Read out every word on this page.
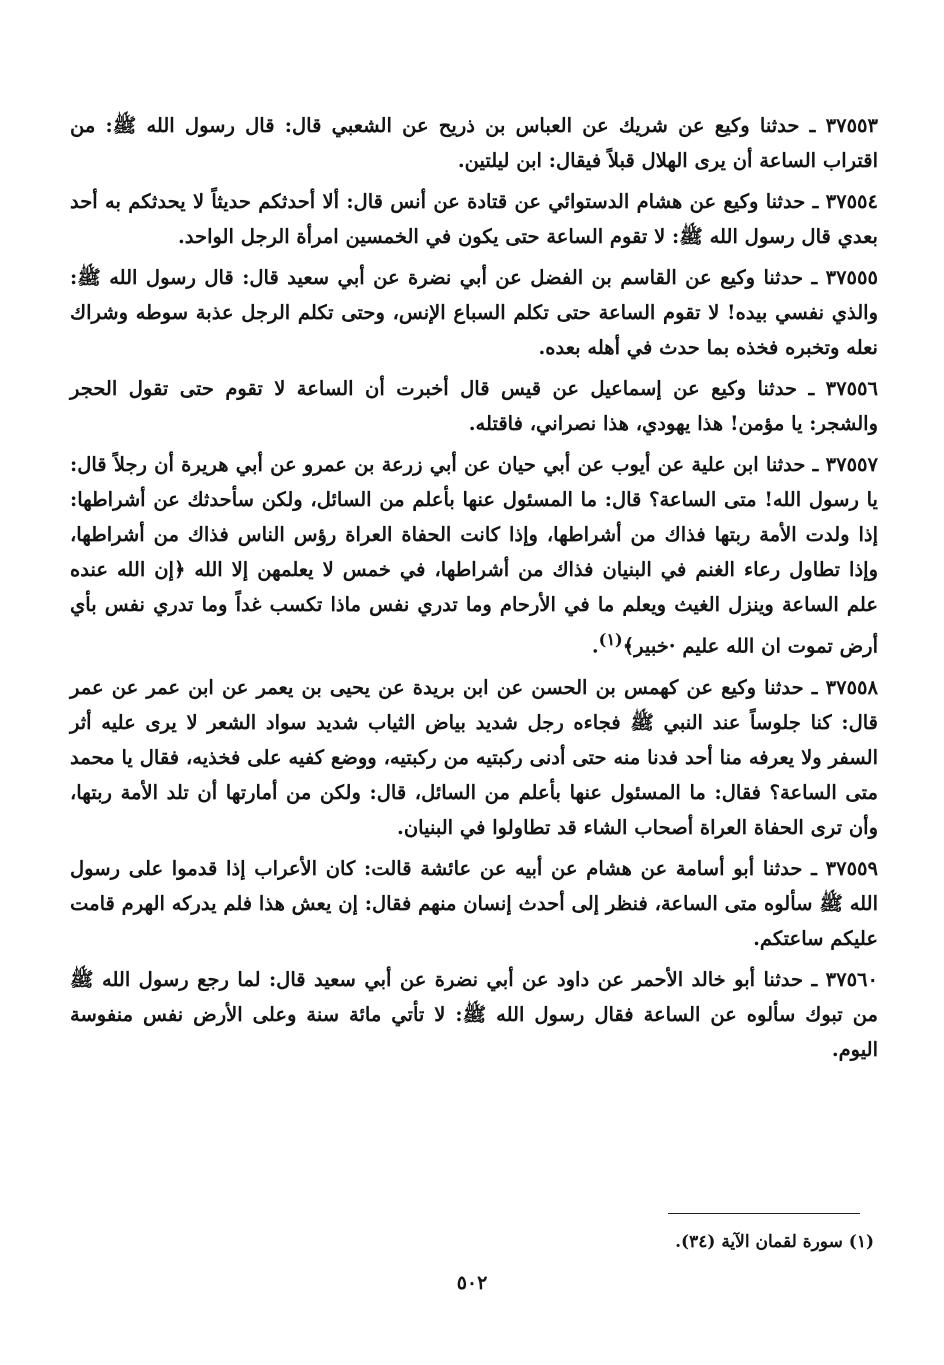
٣٧٥٥٣ ـ حدثنا وكيع عن شريك عن العباس بن ذريح عن الشعبي قال: قال رسول الله ﷺ: من اقتراب الساعة أن يرى الهلال قبلاً فيقال: ابن ليلتين.

٣٧٥٥٤ ـ حدثنا وكيع عن هشام الدستوائي عن قتادة عن أنس قال: ألا أحدثكم حديثاً لا يحدثكم به أحد بعدي قال رسول الله ﷺ: لا تقوم الساعة حتى يكون في الخمسين امرأة الرجل الواحد.

٣٧٥٥٥ ـ حدثنا وكيع عن القاسم بن الفضل عن أبي نضرة عن أبي سعيد قال: قال رسول الله ﷺ: والذي نفسي بيده! لا تقوم الساعة حتى تكلم السباع الإنس، وحتى تكلم الرجل عذبة سوطه وشراك نعله وتخبره فخذه بما حدث في أهله بعده.

٣٧٥٥٦ ـ حدثنا وكيع عن إسماعيل عن قيس قال أخبرت أن الساعة لا تقوم حتى تقول الحجر والشجر: يا مؤمن! هذا يهودي، هذا نصراني، فاقتله.

٣٧٥٥٧ ـ حدثنا ابن علية عن أيوب عن أبي حيان عن أبي زرعة بن عمرو عن أبي هريرة أن رجلاً قال: يا رسول الله! متى الساعة؟ قال: ما المسئول عنها بأعلم من السائل، ولكن سأحدثك عن أشراطها: إذا ولدت الأمة ربتها فذاك من أشراطها، وإذا كانت الحفاة العراة رؤس الناس فذاك من أشراطها، وإذا تطاول رعاء الغنم في البنيان فذاك من أشراطها، في خمس لا يعلمهن إلا الله ﴿إن الله عنده علم الساعة وينزل الغيث ويعلم ما في الأرحام وما تدري نفس ماذا تكسب غداً وما تدري نفس بأي أرض تموت ان الله عليم ·خبير﴾$^{(١)}$.

٣٧٥٥٨ ـ حدثنا وكيع عن كهمس بن الحسن عن ابن بريدة عن يحيى بن يعمر عن ابن عمر عن عمر قال: كنا جلوساً عند النبي ﷺ فجاءه رجل شديد بياض الثياب شديد سواد الشعر لا يرى عليه أثر السفر ولا يعرفه منا أحد فدنا منه حتى أدنى ركبتيه من ركبتيه، ووضع كفيه على فخذيه، فقال يا محمد متى الساعة؟ فقال: ما المسئول عنها بأعلم من السائل، قال: ولكن من أمارتها أن تلد الأمة ربتها، وأن ترى الحفاة العراة أصحاب الشاء قد تطاولوا في البنيان.

٣٧٥٥٩ ـ حدثنا أبو أسامة عن هشام عن أبيه عن عائشة قالت: كان الأعراب إذا قدموا على رسول الله ﷺ سألوه متى الساعة، فنظر إلى أحدث إنسان منهم فقال: إن يعش هذا فلم يدركه الهرم قامت عليكم ساعتكم.

٣٧٥٦٠ ـ حدثنا أبو خالد الأحمر عن داود عن أبي نضرة عن أبي سعيد قال: لما رجع رسول الله ﷺ من تبوك سألوه عن الساعة فقال رسول الله ﷺ: لا تأتي مائة سنة وعلى الأرض نفس منفوسة اليوم.

(١) سورة لقمان الآية (٣٤).
٥٠٢
